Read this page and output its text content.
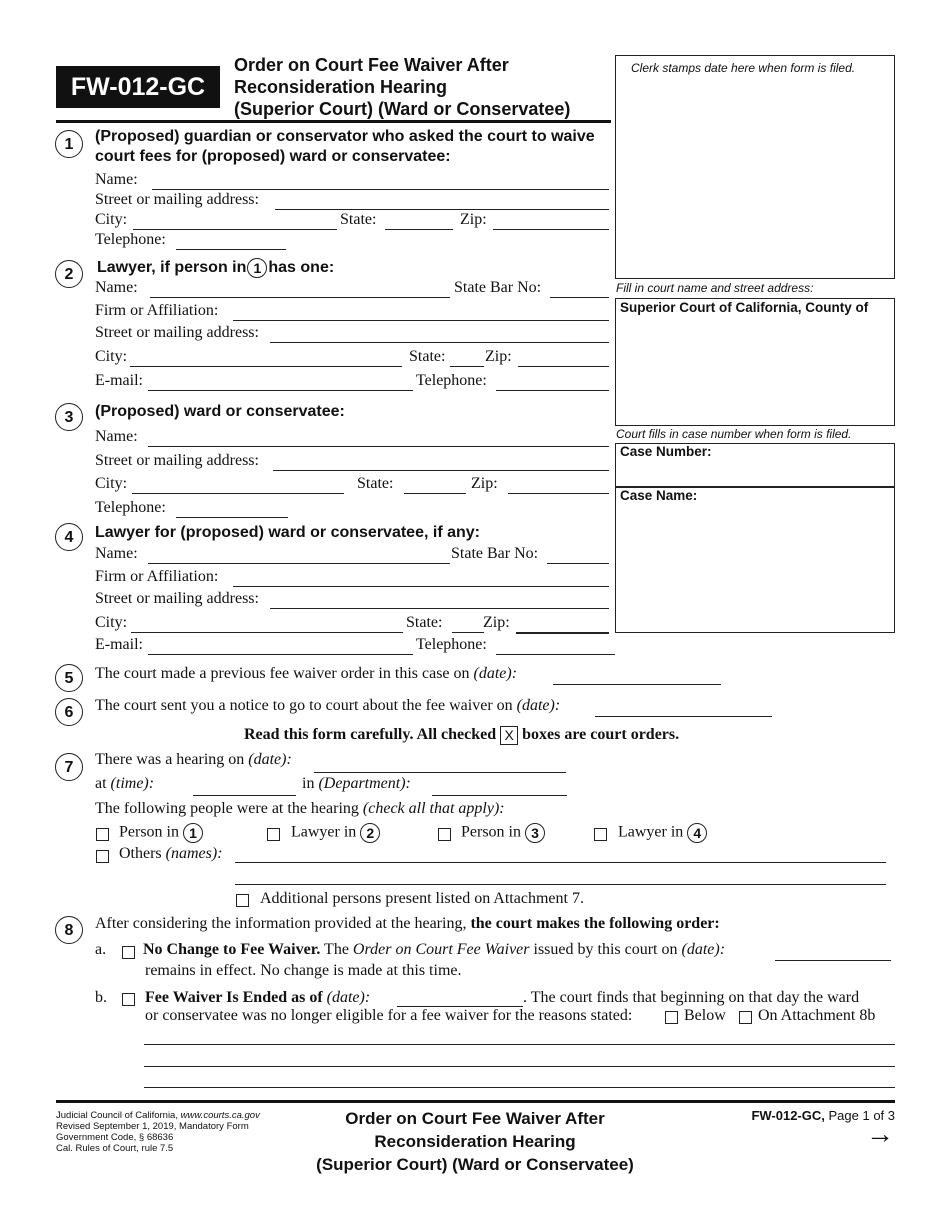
FW-012-GC
Order on Court Fee Waiver After
Reconsideration Hearing
(Superior Court) (Ward or Conservatee)
Clerk stamps date here when form is filed.
Fill in court name and street address:
Superior Court of California, County of
Court fills in case number when form is filed.
Case Number:
Case Name:
1	(Proposed) guardian or conservator who asked the court to waive court fees for (proposed) ward or conservatee:
Name:
Street or mailing address:
City:	State:	Zip:
Telephone:
2	Lawyer, if person in 1 has one:
Name:	State Bar No:
Firm or Affiliation:
Street or mailing address:
City:	State: Zip:
E-mail:	Telephone:
3	(Proposed) ward or conservatee:
Name:
Street or mailing address:
City:	State:	Zip:
Telephone:
4	Lawyer for (proposed) ward or conservatee, if any:
Name:	State Bar No:
Firm or Affiliation:
Street or mailing address:
City:	State:	Zip:
E-mail:	Telephone:
5	The court made a previous fee waiver order in this case on (date):
6	The court sent you a notice to go to court about the fee waiver on (date):
Read this form carefully. All checked X boxes are court orders.
7	There was a hearing on (date):
at (time):	in (Department):
The following people were at the hearing (check all that apply):
Person in 1	Lawyer in 2	Person in 3	Lawyer in 4
Others (names):
Additional persons present listed on Attachment 7.
8	After considering the information provided at the hearing, the court makes the following order:
a. No Change to Fee Waiver. The Order on Court Fee Waiver issued by this court on (date):
remains in effect. No change is made at this time.
b. Fee Waiver Is Ended as of (date):	. The court finds that beginning on that day the ward
or conservatee was no longer eligible for a fee waiver for the reasons stated:	Below On Attachment 8b
Judicial Council of California, www.courts.ca.gov
Revised September 1, 2019, Mandatory Form
Government Code, § 68636
Cal. Rules of Court, rule 7.5
Order on Court Fee Waiver After
Reconsideration Hearing
(Superior Court) (Ward or Conservatee)
FW-012-GC, Page 1 of 3
→
